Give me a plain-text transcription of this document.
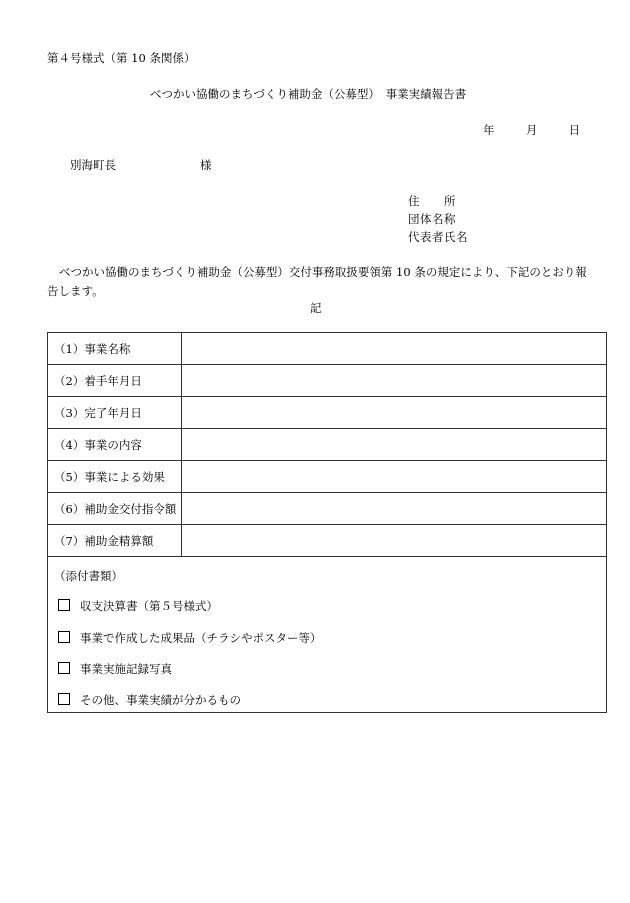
第４号様式（第 10 条関係）
べつかい協働のまちづくり補助金（公募型）　事業実績報告書
年	月	日
別海町長	様
住　　所
団体名称
代表者氏名
べつかい協働のまちづくり補助金（公募型）交付事務取扱要領第 10 条の規定により、下記のとおり報告します。
記
（1）事業名称	
（2）着手年月日	
（3）完了年月日	
（4）事業の内容	
（5）事業による効果	
（6）補助金交付指令額	
（7）補助金精算額	
（添付書類）
収支決算書（第５号様式）
事業で作成した成果品（チラシやポスター等）
事業実施記録写真
その他、事業実績が分かるもの
